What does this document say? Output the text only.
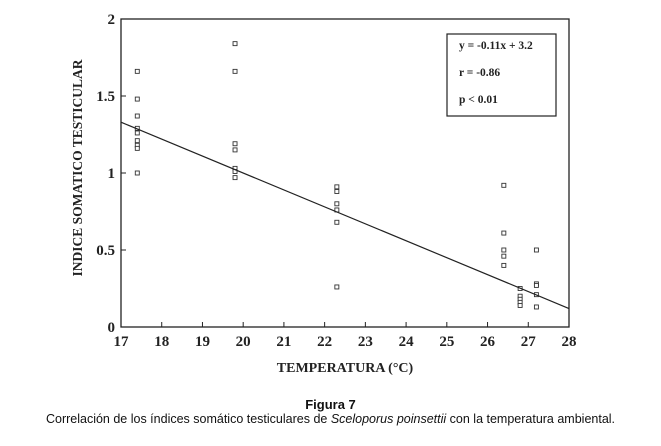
17 18 19 20 21 22 23 24 25 26 27 28
0
0.5
1
1.5
2
y = -0.11x + 3.2
r = -0.86
p < 0.01
TEMPERATURA (°C)
INDICE SOMATICO TESTICULAR
Figura 7
Correlación de los índices somático testiculares de Sceloporus poinsettii con la temperatura ambiental.
